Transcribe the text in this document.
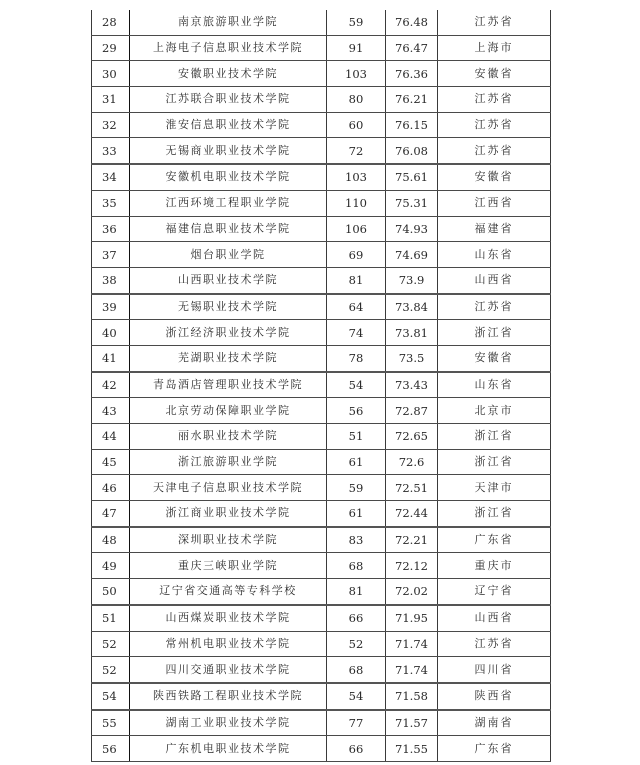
28	南京旅游职业学院	59	76.48	江苏省
29	上海电子信息职业技术学院	91	76.47	上海市
30	安徽职业技术学院	103	76.36	安徽省
31	江苏联合职业技术学院	80	76.21	江苏省
32	淮安信息职业技术学院	60	76.15	江苏省
33	无锡商业职业技术学院	72	76.08	江苏省
34	安徽机电职业技术学院	103	75.61	安徽省
35	江西环境工程职业学院	110	75.31	江西省
36	福建信息职业技术学院	106	74.93	福建省
37	烟台职业学院	69	74.69	山东省
38	山西职业技术学院	81	73.9	山西省
39	无锡职业技术学院	64	73.84	江苏省
40	浙江经济职业技术学院	74	73.81	浙江省
41	芜湖职业技术学院	78	73.5	安徽省
42	青岛酒店管理职业技术学院	54	73.43	山东省
43	北京劳动保障职业学院	56	72.87	北京市
44	丽水职业技术学院	51	72.65	浙江省
45	浙江旅游职业学院	61	72.6	浙江省
46	天津电子信息职业技术学院	59	72.51	天津市
47	浙江商业职业技术学院	61	72.44	浙江省
48	深圳职业技术学院	83	72.21	广东省
49	重庆三峡职业学院	68	72.12	重庆市
50	辽宁省交通高等专科学校	81	72.02	辽宁省
51	山西煤炭职业技术学院	66	71.95	山西省
52	常州机电职业技术学院	52	71.74	江苏省
52	四川交通职业技术学院	68	71.74	四川省
54	陕西铁路工程职业技术学院	54	71.58	陕西省
55	湖南工业职业技术学院	77	71.57	湖南省
56	广东机电职业技术学院	66	71.55	广东省
